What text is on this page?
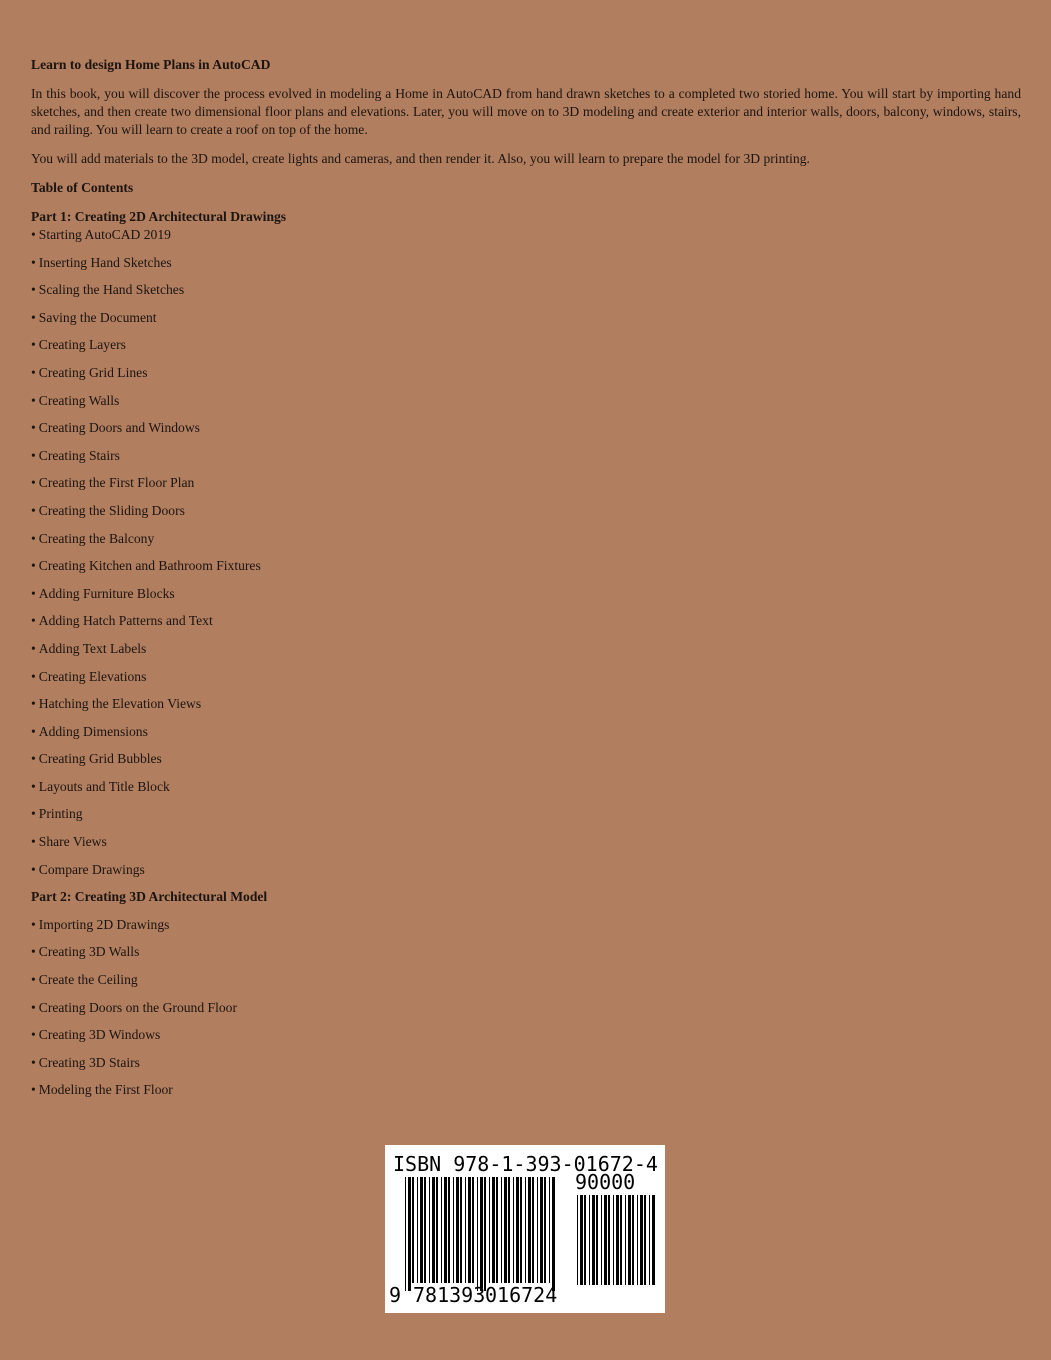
Learn to design Home Plans in AutoCAD

In this book, you will discover the process evolved in modeling a Home in AutoCAD from hand drawn sketches to a completed two storied home. You will start by importing hand sketches, and then create two dimensional floor plans and elevations. Later, you will move on to 3D modeling and create exterior and interior walls, doors, balcony, windows, stairs, and railing. You will learn to create a roof on top of the home.

You will add materials to the 3D model, create lights and cameras, and then render it. Also, you will learn to prepare the model for 3D printing.

Table of Contents

Part 1: Creating 2D Architectural Drawings

• Starting AutoCAD 2019
• Inserting Hand Sketches
• Scaling the Hand Sketches
• Saving the Document
• Creating Layers
• Creating Grid Lines
• Creating Walls
• Creating Doors and Windows
• Creating Stairs
• Creating the First Floor Plan
• Creating the Sliding Doors
• Creating the Balcony
• Creating Kitchen and Bathroom Fixtures
• Adding Furniture Blocks
• Adding Hatch Patterns and Text
• Adding Text Labels
• Creating Elevations
• Hatching the Elevation Views
• Adding Dimensions
• Creating Grid Bubbles
• Layouts and Title Block
• Printing
• Share Views
• Compare Drawings

Part 2: Creating 3D Architectural Model

• Importing 2D Drawings
• Creating 3D Walls
• Create the Ceiling
• Creating Doors on the Ground Floor
• Creating 3D Windows
• Creating 3D Stairs
• Modeling the First Floor
ISBN 978-1-393-01672-4
90000
9 781393 016724
